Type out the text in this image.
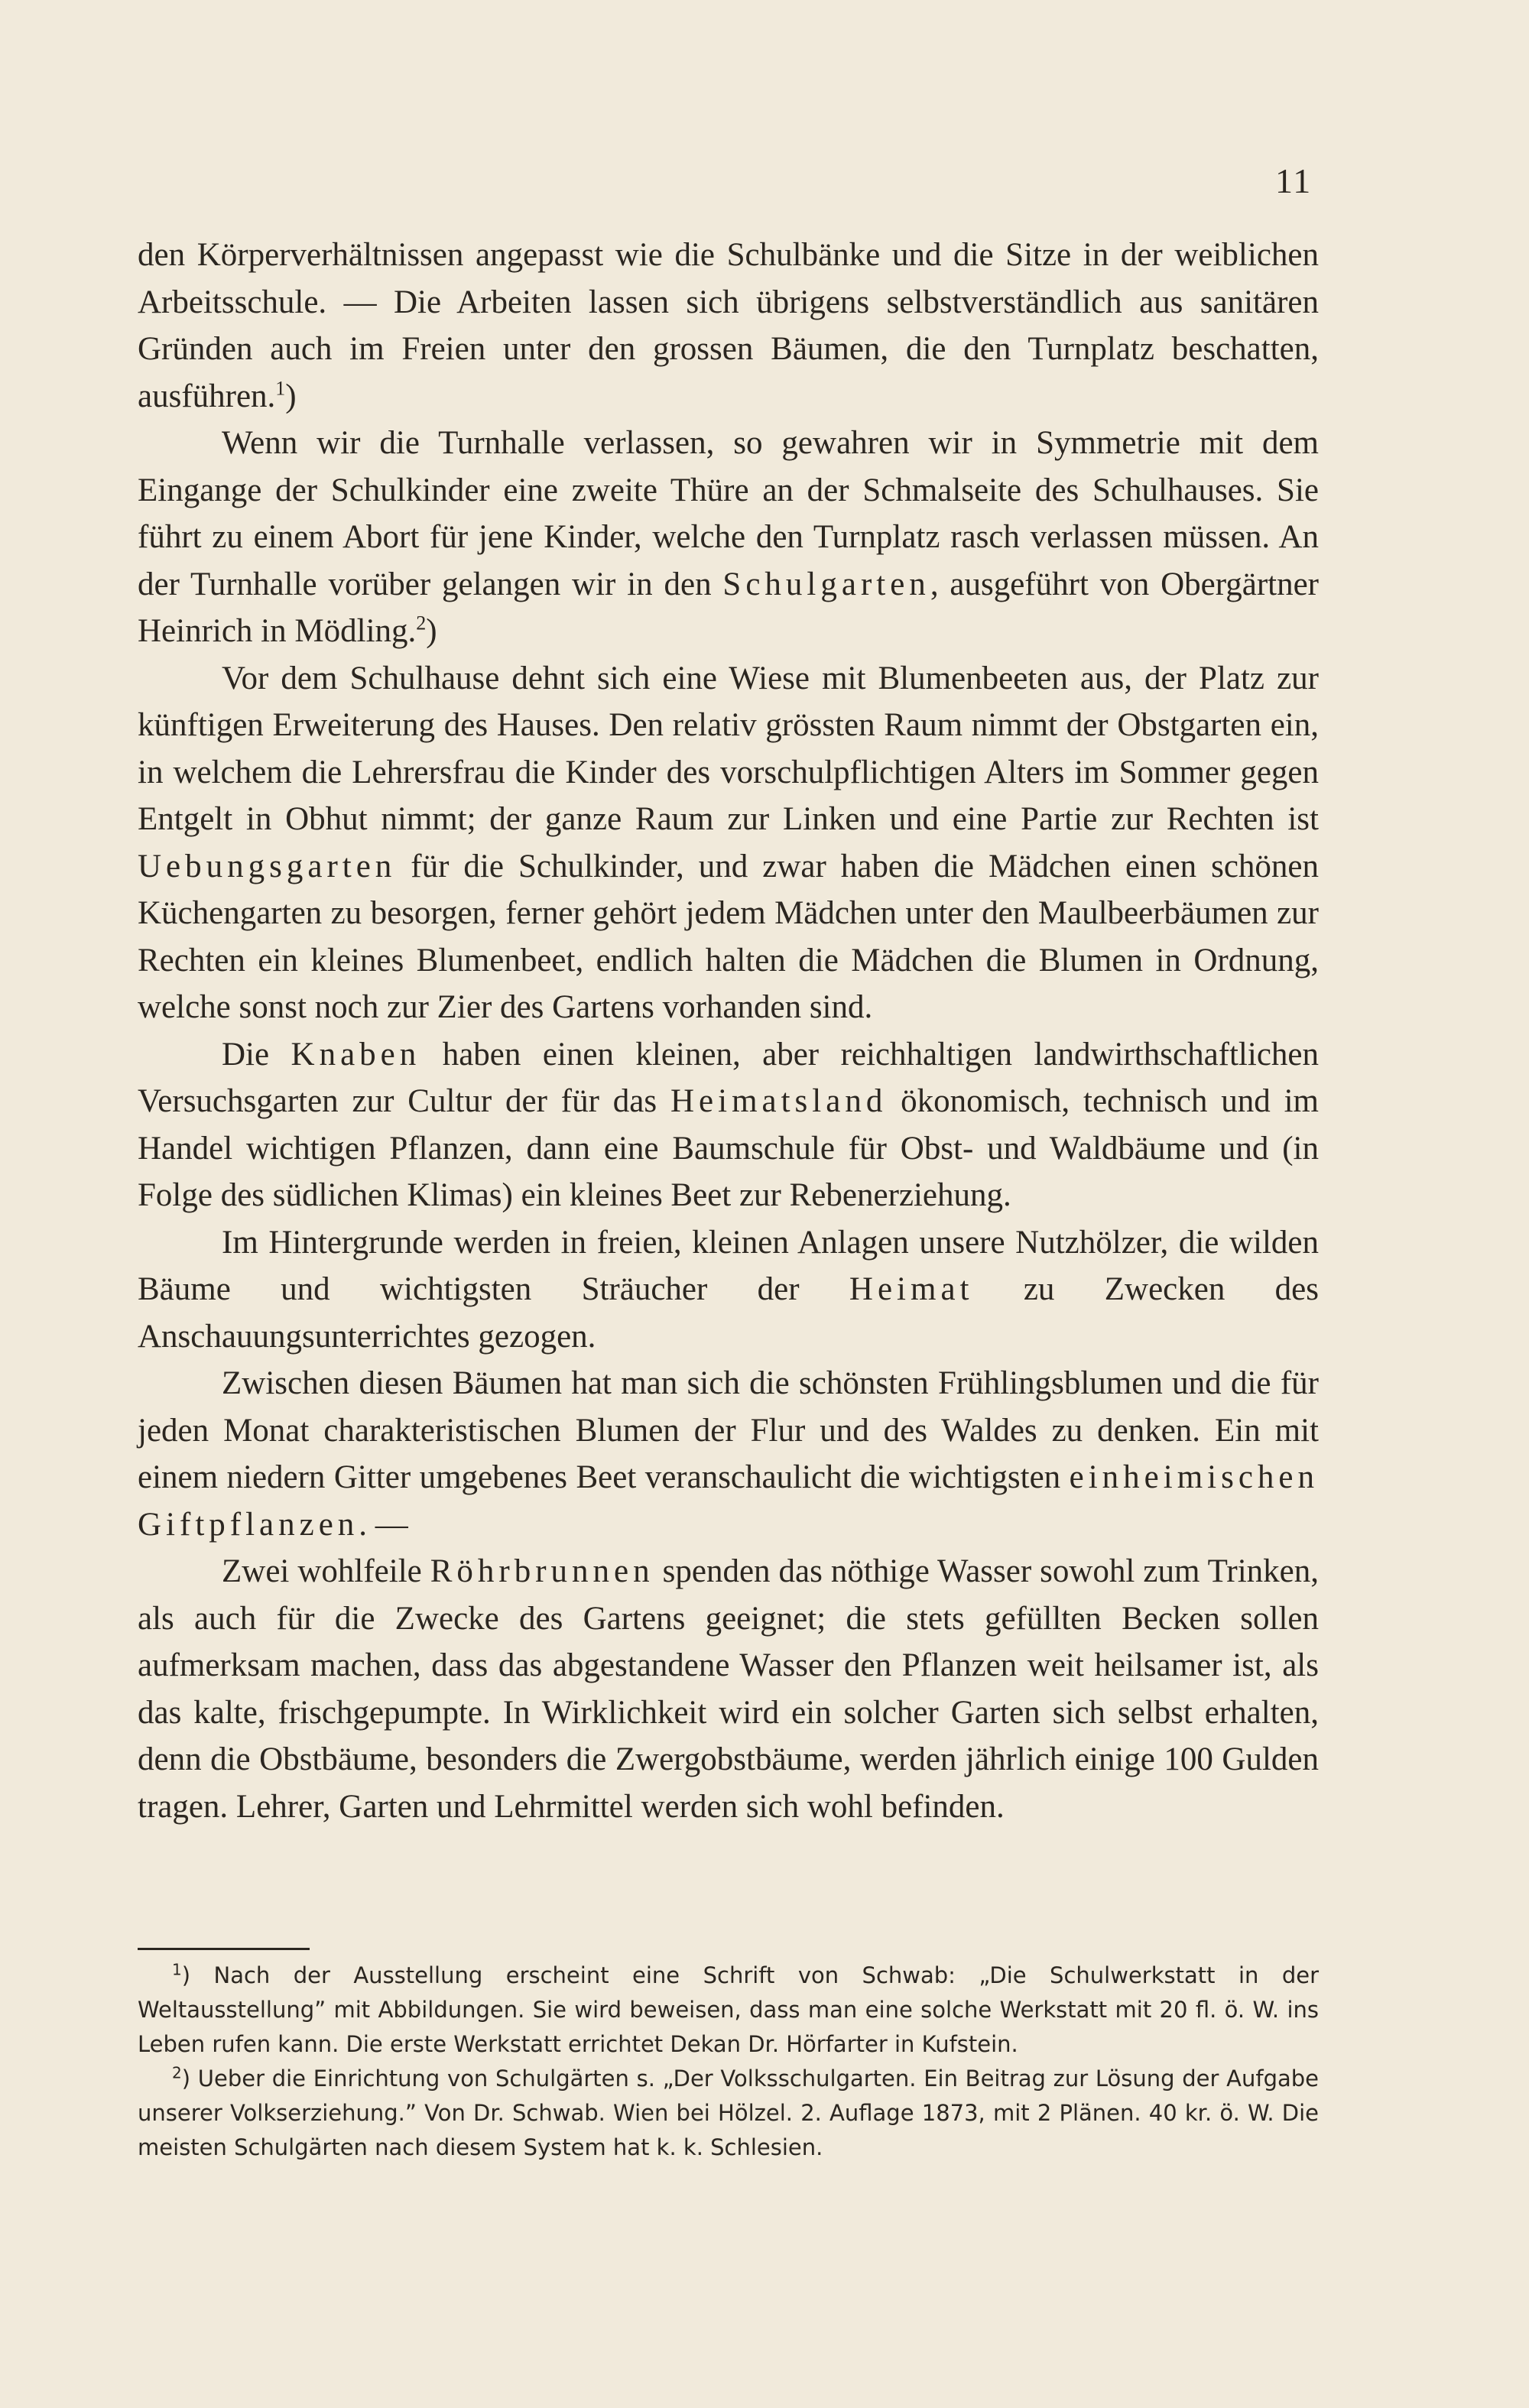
11

den Körperverhältnissen angepasst wie die Schulbänke und die Sitze in der weiblichen Arbeitsschule. — Die Arbeiten lassen sich übrigens selbstverständlich aus sanitären Gründen auch im Freien unter den grossen Bäumen, die den Turnplatz beschatten, ausführen.$^1$)

Wenn wir die Turnhalle verlassen, so gewahren wir in Symmetrie mit dem Eingange der Schulkinder eine zweite Thüre an der Schmalseite des Schulhauses. Sie führt zu einem Abort für jene Kinder, welche den Turnplatz rasch verlassen müssen. An der Turnhalle vorüber gelangen wir in den Schulgarten, ausgeführt von Obergärtner Heinrich in Mödling.$^2$)

Vor dem Schulhause dehnt sich eine Wiese mit Blumenbeeten aus, der Platz zur künftigen Erweiterung des Hauses. Den relativ grössten Raum nimmt der Obstgarten ein, in welchem die Lehrersfrau die Kinder des vorschulpflichtigen Alters im Sommer gegen Entgelt in Obhut nimmt; der ganze Raum zur Linken und eine Partie zur Rechten ist Uebungsgarten für die Schulkinder, und zwar haben die Mädchen einen schönen Küchengarten zu besorgen, ferner gehört jedem Mädchen unter den Maulbeerbäumen zur Rechten ein kleines Blumenbeet, endlich halten die Mädchen die Blumen in Ordnung, welche sonst noch zur Zier des Gartens vorhanden sind.

Die Knaben haben einen kleinen, aber reichhaltigen landwirthschaftlichen Versuchsgarten zur Cultur der für das Heimatsland ökonomisch, technisch und im Handel wichtigen Pflanzen, dann eine Baumschule für Obst- und Waldbäume und (in Folge des südlichen Klimas) ein kleines Beet zur Rebenerziehung.

Im Hintergrunde werden in freien, kleinen Anlagen unsere Nutzhölzer, die wilden Bäume und wichtigsten Sträucher der Heimat zu Zwecken des Anschauungsunterrichtes gezogen.

Zwischen diesen Bäumen hat man sich die schönsten Frühlingsblumen und die für jeden Monat charakteristischen Blumen der Flur und des Waldes zu denken. Ein mit einem niedern Gitter umgebenes Beet veranschaulicht die wichtigsten einheimischen Giftpflanzen. —

Zwei wohlfeile Röhrbrunnen spenden das nöthige Wasser sowohl zum Trinken, als auch für die Zwecke des Gartens geeignet; die stets gefüllten Becken sollen aufmerksam machen, dass das abgestandene Wasser den Pflanzen weit heilsamer ist, als das kalte, frischgepumpte. In Wirklichkeit wird ein solcher Garten sich selbst erhalten, denn die Obstbäume, besonders die Zwergobstbäume, werden jährlich einige 100 Gulden tragen. Lehrer, Garten und Lehrmittel werden sich wohl befinden.

$^1$) Nach der Ausstellung erscheint eine Schrift von Schwab: „Die Schulwerkstatt in der Weltausstellung” mit Abbildungen. Sie wird beweisen, dass man eine solche Werkstatt mit 20 fl. ö. W. ins Leben rufen kann. Die erste Werkstatt errichtet Dekan Dr. Hörfarter in Kufstein.

$^2$) Ueber die Einrichtung von Schulgärten s. „Der Volksschulgarten. Ein Beitrag zur Lösung der Aufgabe unserer Volkserziehung.” Von Dr. Schwab. Wien bei Hölzel. 2. Auflage 1873, mit 2 Plänen. 40 kr. ö. W. Die meisten Schulgärten nach diesem System hat k. k. Schlesien.
